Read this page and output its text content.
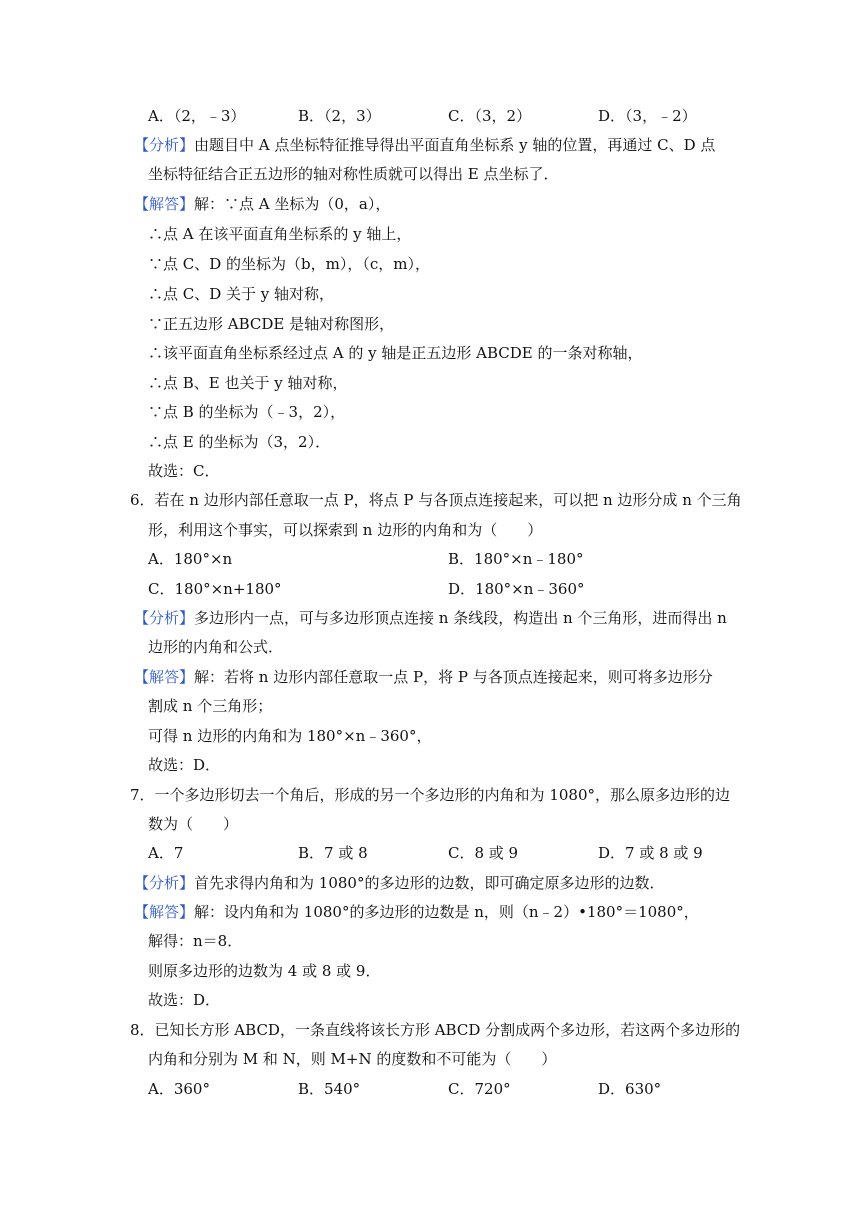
A．（2，﹣3）	B．（2，3）	C．（3，2）	D．（3，﹣2）
【分析】由题目中 A 点坐标特征推导得出平面直角坐标系 y 轴的位置，再通过 C、D 点
坐标特征结合正五边形的轴对称性质就可以得出 E 点坐标了．
【解答】解：∵点 A 坐标为（0，a），
∴点 A 在该平面直角坐标系的 y 轴上，
∵点 C、D 的坐标为（b，m），（c，m），
∴点 C、D 关于 y 轴对称，
∵正五边形 ABCDE 是轴对称图形，
∴该平面直角坐标系经过点 A 的 y 轴是正五边形 ABCDE 的一条对称轴，
∴点 B、E 也关于 y 轴对称，
∵点 B 的坐标为（﹣3，2），
∴点 E 的坐标为（3，2）．
故选：C．
6．若在 n 边形内部任意取一点 P，将点 P 与各顶点连接起来，可以把 n 边形分成 n 个三角
形，利用这个事实，可以探索到 n 边形的内角和为（　　）
A．180°×n	B．180°×n﹣180°
C．180°×n+180°	D．180°×n﹣360°
【分析】多边形内一点，可与多边形顶点连接 n 条线段，构造出 n 个三角形，进而得出 n
边形的内角和公式．
【解答】解：若将 n 边形内部任意取一点 P，将 P 与各顶点连接起来，则可将多边形分
割成 n 个三角形；
可得 n 边形的内角和为 180°×n﹣360°，
故选：D．
7．一个多边形切去一个角后，形成的另一个多边形的内角和为 1080°，那么原多边形的边
数为（　　）
A．7	B．7 或 8	C．8 或 9	D．7 或 8 或 9
【分析】首先求得内角和为 1080°的多边形的边数，即可确定原多边形的边数．
【解答】解：设内角和为 1080°的多边形的边数是 n，则（n﹣2）•180°＝1080°，
解得：n＝8．
则原多边形的边数为 4 或 8 或 9．
故选：D．
8．已知长方形 ABCD，一条直线将该长方形 ABCD 分割成两个多边形，若这两个多边形的
内角和分别为 M 和 N，则 M+N 的度数和不可能为（　　）
A．360°	B．540°	C．720°	D．630°
